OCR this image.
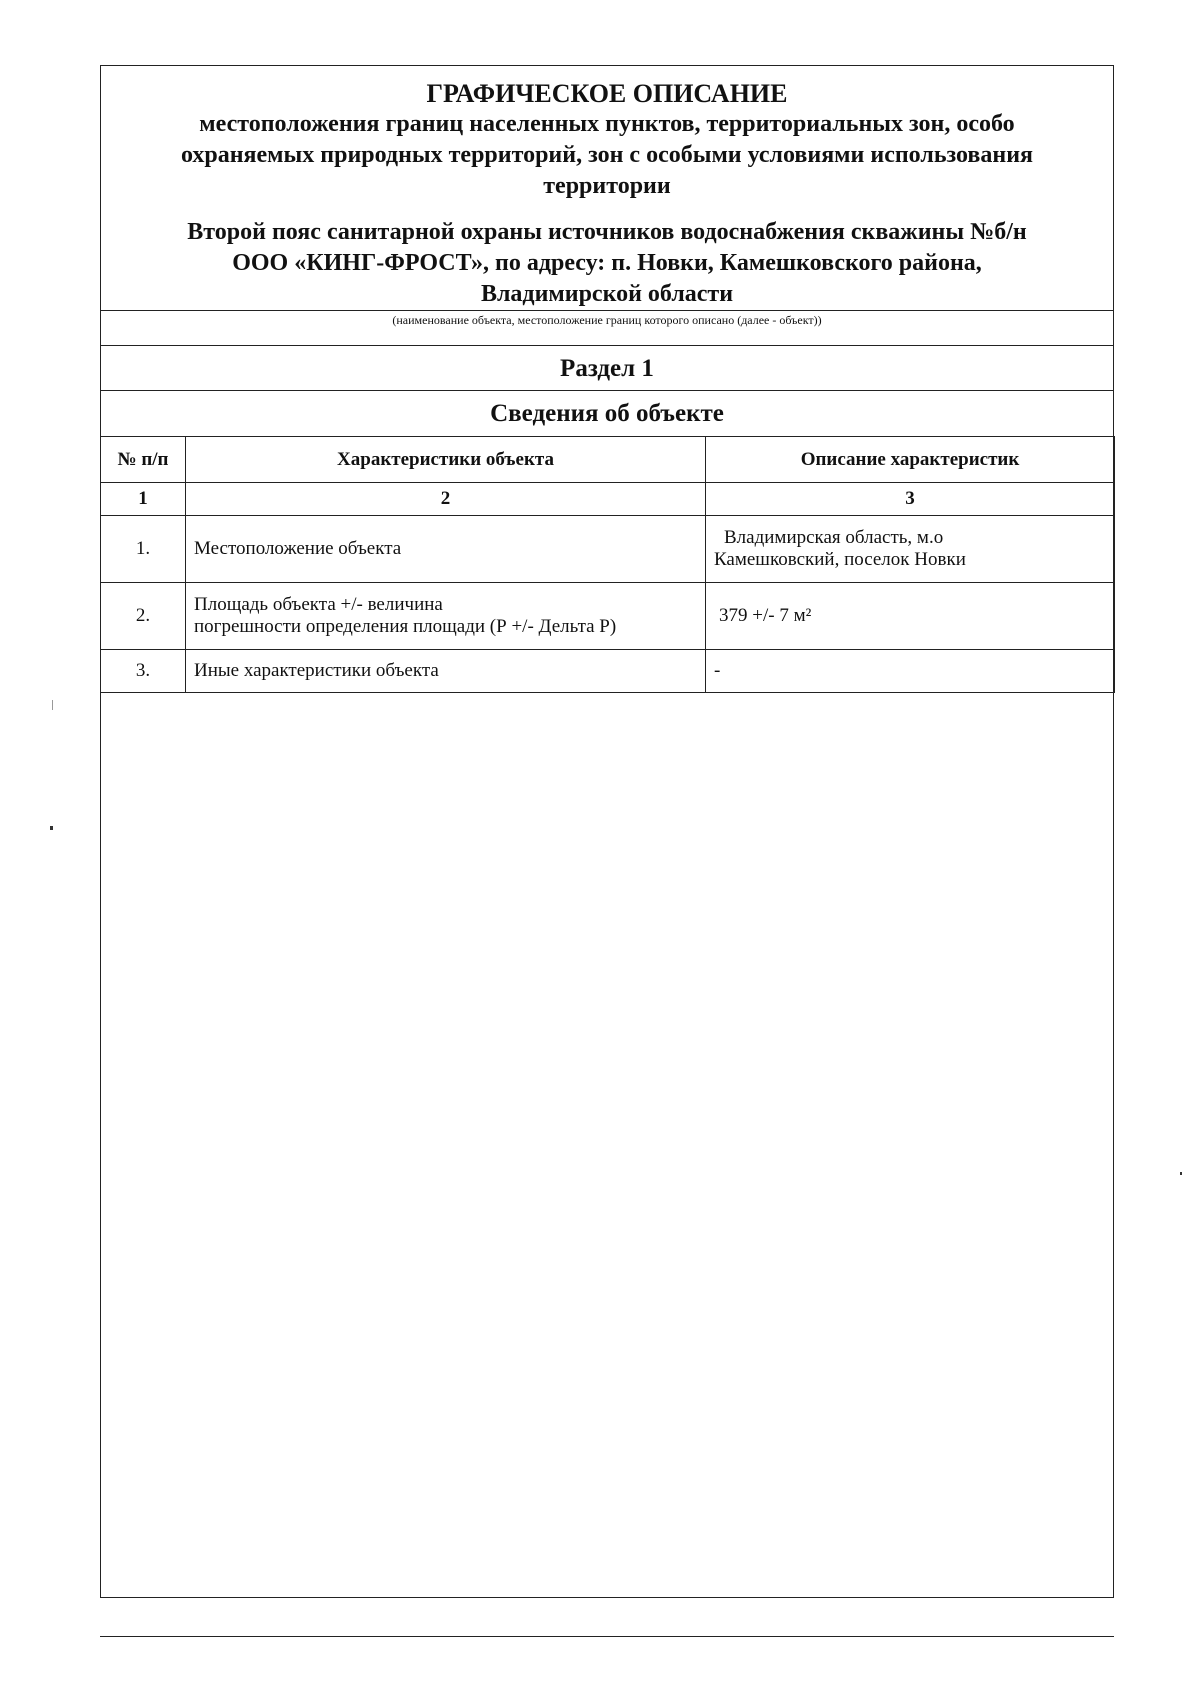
ГРАФИЧЕСКОЕ ОПИСАНИЕ

местоположения границ населенных пунктов, территориальных зон, особо

охраняемых природных территорий, зон с особыми условиями использования

территории

Второй пояс санитарной охраны источников водоснабжения скважины №б/н
ООО «КИНГ-ФРОСТ», по адресу: п. Новки, Камешковского района,
Владимирской области
(наименование объекта, местоположение границ которого описано (далее - объект))
Раздел 1
Сведения об объекте
№ п/п	Характеристики объекта	Описание характеристик
1	2	3
1.	Местоположение объекта	Владимирская область, м.о
Камешковский, поселок Новки

2.	Площадь объекта +/- величина
погрешности определения площади (Р +/- Дельта Р)	379 +/- 7 м²

3.	Иные характеристики объекта	-
